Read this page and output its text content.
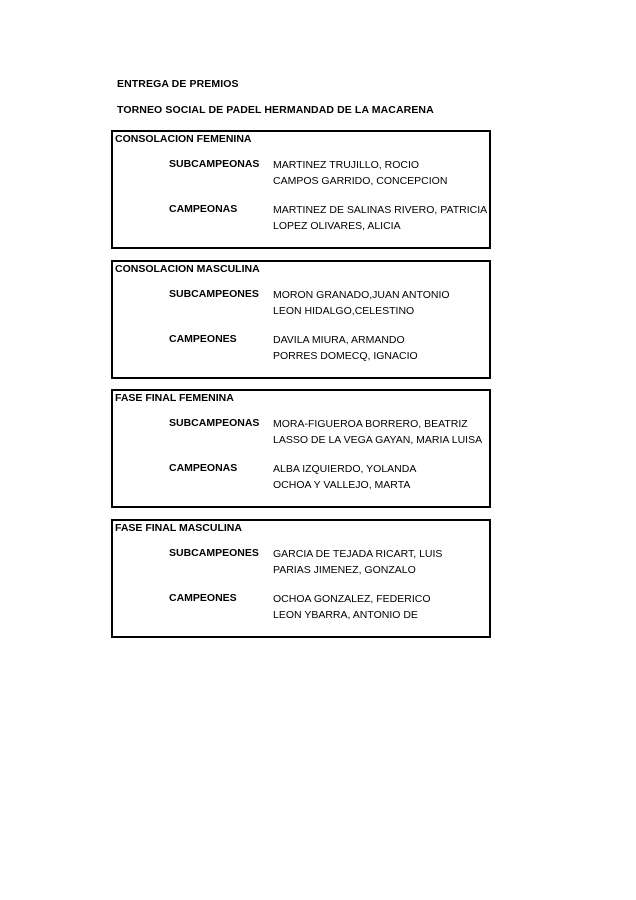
ENTREGA DE PREMIOS
TORNEO SOCIAL DE PADEL HERMANDAD DE LA MACARENA
CONSOLACION FEMENINA
SUBCAMPEONAS MARTINEZ TRUJILLO, ROCIO
CAMPOS GARRIDO, CONCEPCION
CAMPEONAS	MARTINEZ DE SALINAS RIVERO, PATRICIA
LOPEZ OLIVARES, ALICIA
CONSOLACION MASCULINA
SUBCAMPEONES MORON GRANADO,JUAN ANTONIO
LEON HIDALGO,CELESTINO
CAMPEONES	DAVILA MIURA, ARMANDO
PORRES DOMECQ, IGNACIO
FASE FINAL FEMENINA
SUBCAMPEONAS MORA-FIGUEROA BORRERO, BEATRIZ
LASSO DE LA VEGA GAYAN, MARIA LUISA
CAMPEONAS	ALBA IZQUIERDO, YOLANDA
OCHOA Y VALLEJO, MARTA
FASE FINAL MASCULINA
SUBCAMPEONES GARCIA DE TEJADA RICART, LUIS
PARIAS JIMENEZ, GONZALO
CAMPEONES	OCHOA GONZALEZ, FEDERICO
LEON YBARRA, ANTONIO DE
